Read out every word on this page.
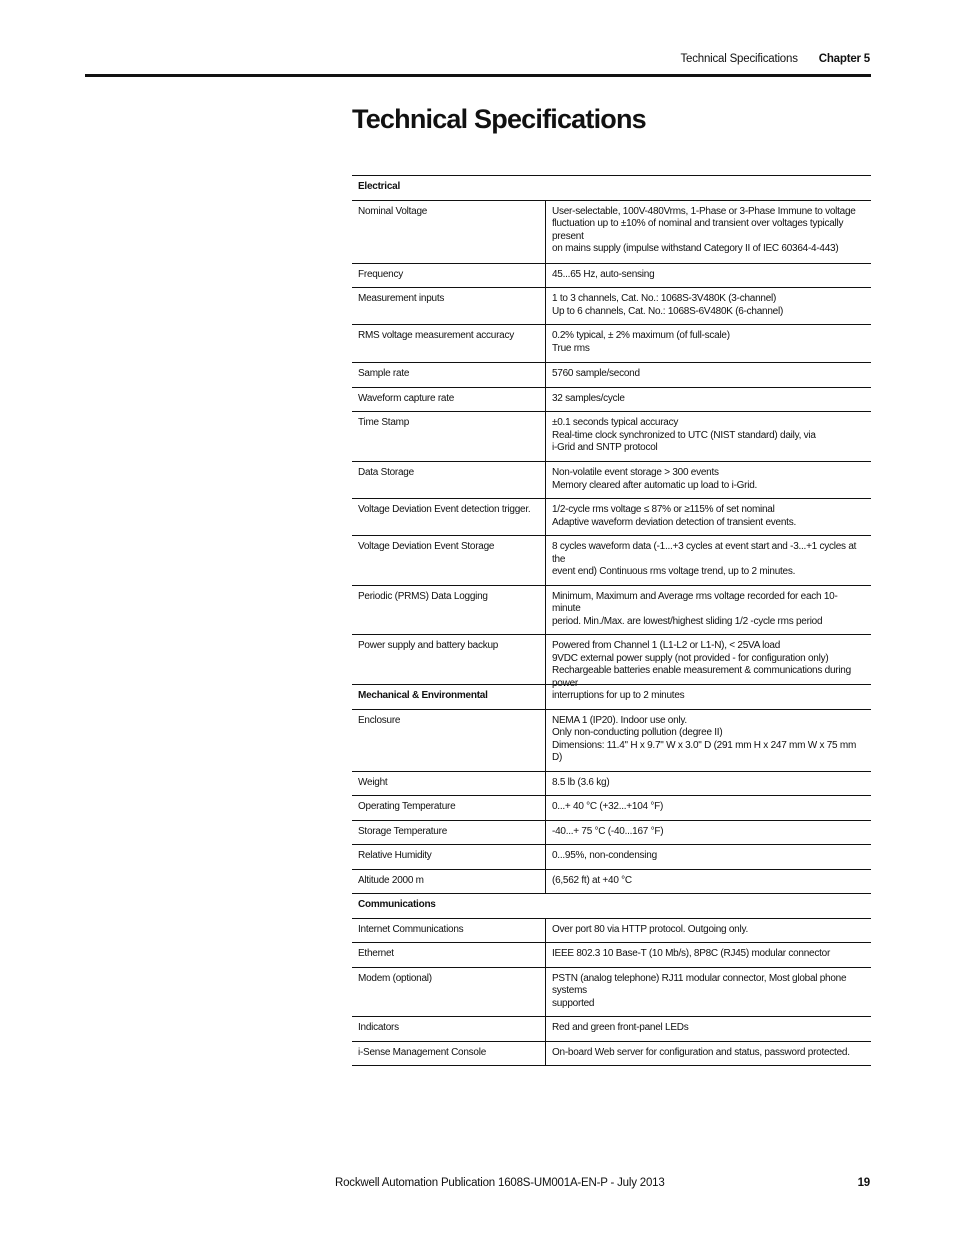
Technical Specifications Chapter 5
Technical Specifications
Electrical	
Nominal Voltage	User-selectable, 100V-480Vrms, 1-Phase or 3-Phase Immune to voltage
fluctuation up to ±10% of nominal and transient over voltages typically present
on mains supply (impulse withstand Category II of IEC 60364-4-443)

Frequency	45...65 Hz, auto-sensing

Measurement inputs	1 to 3 channels, Cat. No.: 1068S-3V480K (3-channel)
Up to 6 channels, Cat. No.: 1068S-6V480K (6-channel)

RMS voltage measurement accuracy	0.2% typical, ± 2% maximum (of full-scale)
True rms

Sample rate	5760 sample/second

Waveform capture rate	32 samples/cycle

Time Stamp	±0.1 seconds typical accuracy
Real-time clock synchronized to UTC (NIST standard) daily, via
i-Grid and SNTP protocol

Data Storage	Non-volatile event storage > 300 events
Memory cleared after automatic up load to i-Grid.

Voltage Deviation Event detection trigger.	1/2-cycle rms voltage ≤ 87% or ≥115% of set nominal
Adaptive waveform deviation detection of transient events.

Voltage Deviation Event Storage	8 cycles waveform data (-1...+3 cycles at event start and -3...+1 cycles at the
event end) Continuous rms voltage trend, up to 2 minutes.

Periodic (PRMS) Data Logging	Minimum, Maximum and Average rms voltage recorded for each 10-minute
period. Min./Max. are lowest/highest sliding 1/2 -cycle rms period

Power supply and battery backup	Powered from Channel 1 (L1-L2 or L1-N), < 25VA load
9VDC external power supply (not provided - for configuration only)
Rechargeable batteries enable measurement & communications during power
interruptions for up to 2 minutes
Mechanical & Environmental	
Enclosure	NEMA 1 (IP20). Indoor use only.
Only non-conducting pollution (degree II)
Dimensions: 11.4" H x 9.7" W x 3.0" D (291 mm H x 247 mm W x 75 mm D)

Weight	8.5 lb (3.6 kg)

Operating Temperature	0...+ 40 °C (+32...+104 °F)

Storage Temperature	-40...+ 75 °C (-40...167 °F)

Relative Humidity	0...95%, non-condensing

Altitude 2000 m	(6,562 ft) at +40 °C
Communications	
Internet Communications	Over port 80 via HTTP protocol. Outgoing only.

Ethernet	IEEE 802.3 10 Base-T (10 Mb/s), 8P8C (RJ45) modular connector

Modem (optional)	PSTN (analog telephone) RJ11 modular connector, Most global phone systems
supported

Indicators	Red and green front-panel LEDs

i-Sense Management Console	On-board Web server for configuration and status, password protected.
Rockwell Automation Publication 1608S-UM001A-EN-P - July 2013	19
